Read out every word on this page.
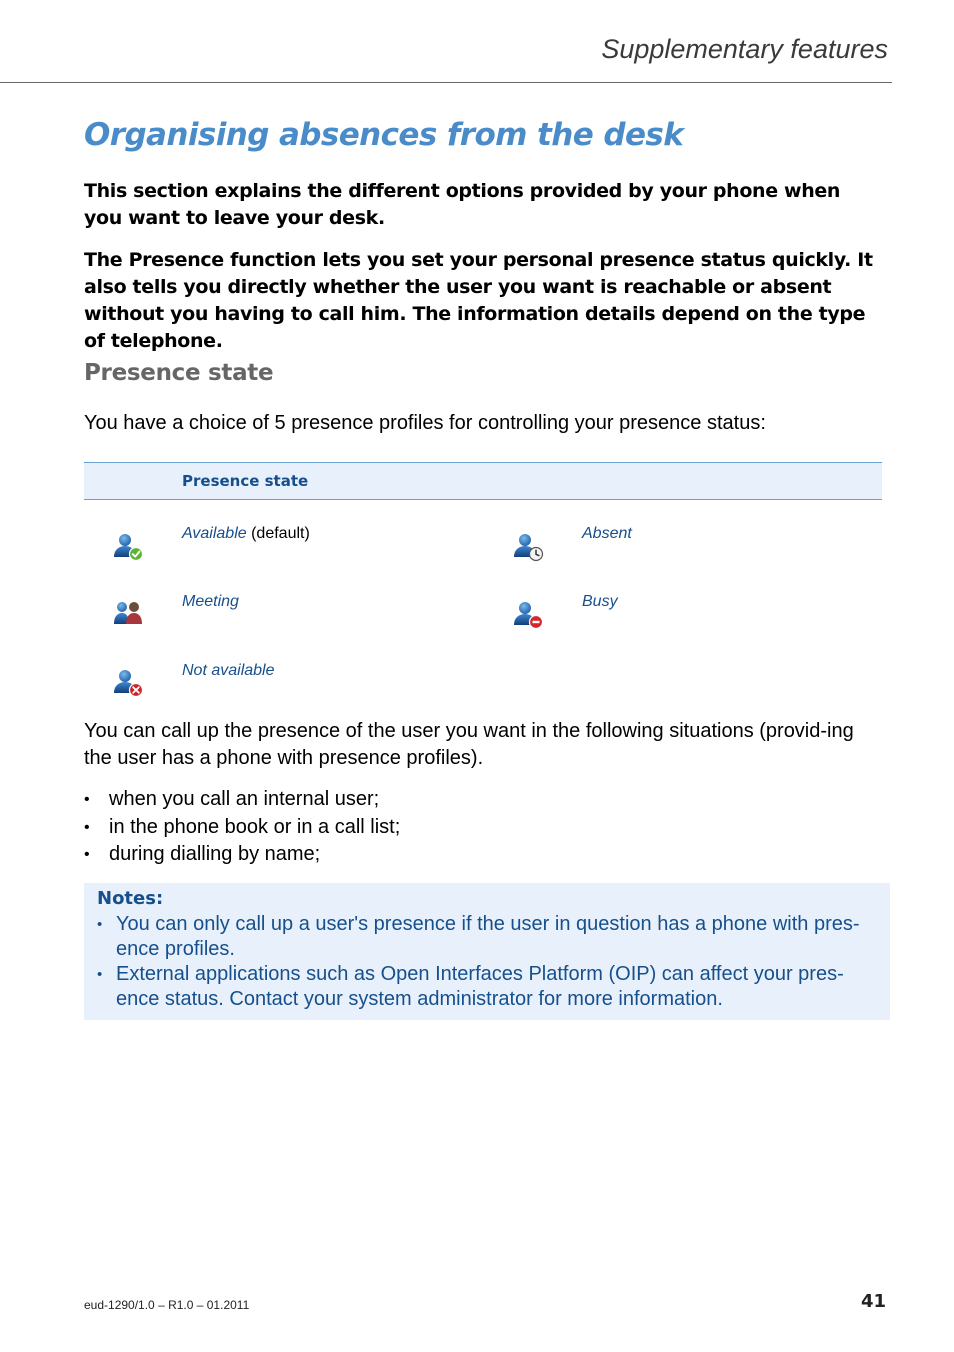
Supplementary features
Organising absences from the desk

This section explains the different options provided by your phone when you want to leave your desk.

The Presence function lets you set your personal presence status quickly. It also tells you directly whether the user you want is reachable or absent without you having to call him. The information details depend on the type of telephone.

Presence state

You have a choice of 5 presence profiles for controlling your presence status:

Presence state
Available (default)	Absent
Meeting	Busy
Not available

You can call up the presence of the user you want in the following situations (provid-ing the user has a phone with presence profiles).

• when you call an internal user;
• in the phone book or in a call list;
• during dialling by name;
Notes:
• You can only call up a user's presence if the user in question has a phone with pres-ence profiles.
• External applications such as Open Interfaces Platform (OIP) can affect your pres-ence status. Contact your system administrator for more information.
eud-1290/1.0 – R1.0 – 01.2011	41
